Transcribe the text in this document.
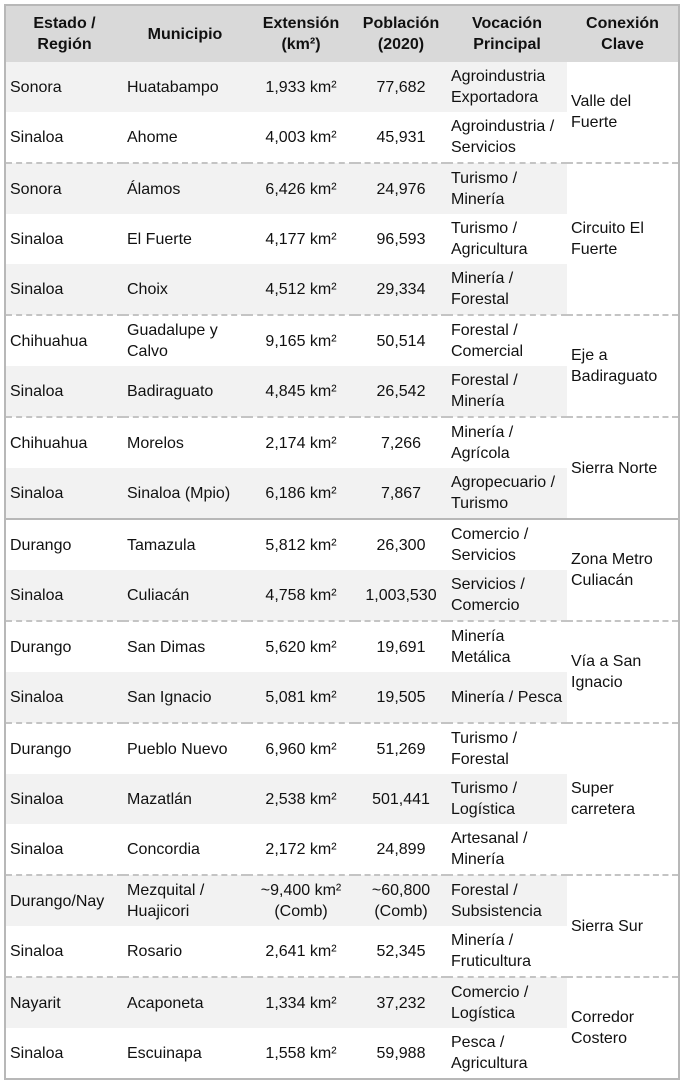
Estado / Región	Municipio	Extensión (km²)	Población (2020)	Vocación Principal	Conexión Clave
Sonora	Huatabampo	1,933 km²	77,682	Agroindustria Exportadora	Valle del Fuerte
Sinaloa	Ahome	4,003 km²	45,931	Agroindustria / Servicios	
Sonora	Álamos	6,426 km²	24,976	Turismo / Minería	Circuito El Fuerte
Sinaloa	El Fuerte	4,177 km²	96,593	Turismo / Agricultura	
Sinaloa	Choix	4,512 km²	29,334	Minería / Forestal	
Chihuahua	Guadalupe y Calvo	9,165 km²	50,514	Forestal / Comercial	Eje a Badiraguato
Sinaloa	Badiraguato	4,845 km²	26,542	Forestal / Minería	
Chihuahua	Morelos	2,174 km²	7,266	Minería / Agrícola	Sierra Norte
Sinaloa	Sinaloa (Mpio)	6,186 km²	7,867	Agropecuario / Turismo	
Durango	Tamazula	5,812 km²	26,300	Comercio / Servicios	Zona Metro Culiacán
Sinaloa	Culiacán	4,758 km²	1,003,530	Servicios / Comercio	
Durango	San Dimas	5,620 km²	19,691	Minería Metálica	Vía a San Ignacio
Sinaloa	San Ignacio	5,081 km²	19,505	Minería / Pesca	
Durango	Pueblo Nuevo	6,960 km²	51,269	Turismo / Forestal	Super carretera
Sinaloa	Mazatlán	2,538 km²	501,441	Turismo / Logística	
Sinaloa	Concordia	2,172 km²	24,899	Artesanal / Minería	
Durango/Nay	Mezquital / Huajicori	~9,400 km² (Comb)	~60,800 (Comb)	Forestal / Subsistencia	Sierra Sur
Sinaloa	Rosario	2,641 km²	52,345	Minería / Fruticultura	
Nayarit	Acaponeta	1,334 km²	37,232	Comercio / Logística	Corredor Costero
Sinaloa	Escuinapa	1,558 km²	59,988	Pesca / Agricultura	
